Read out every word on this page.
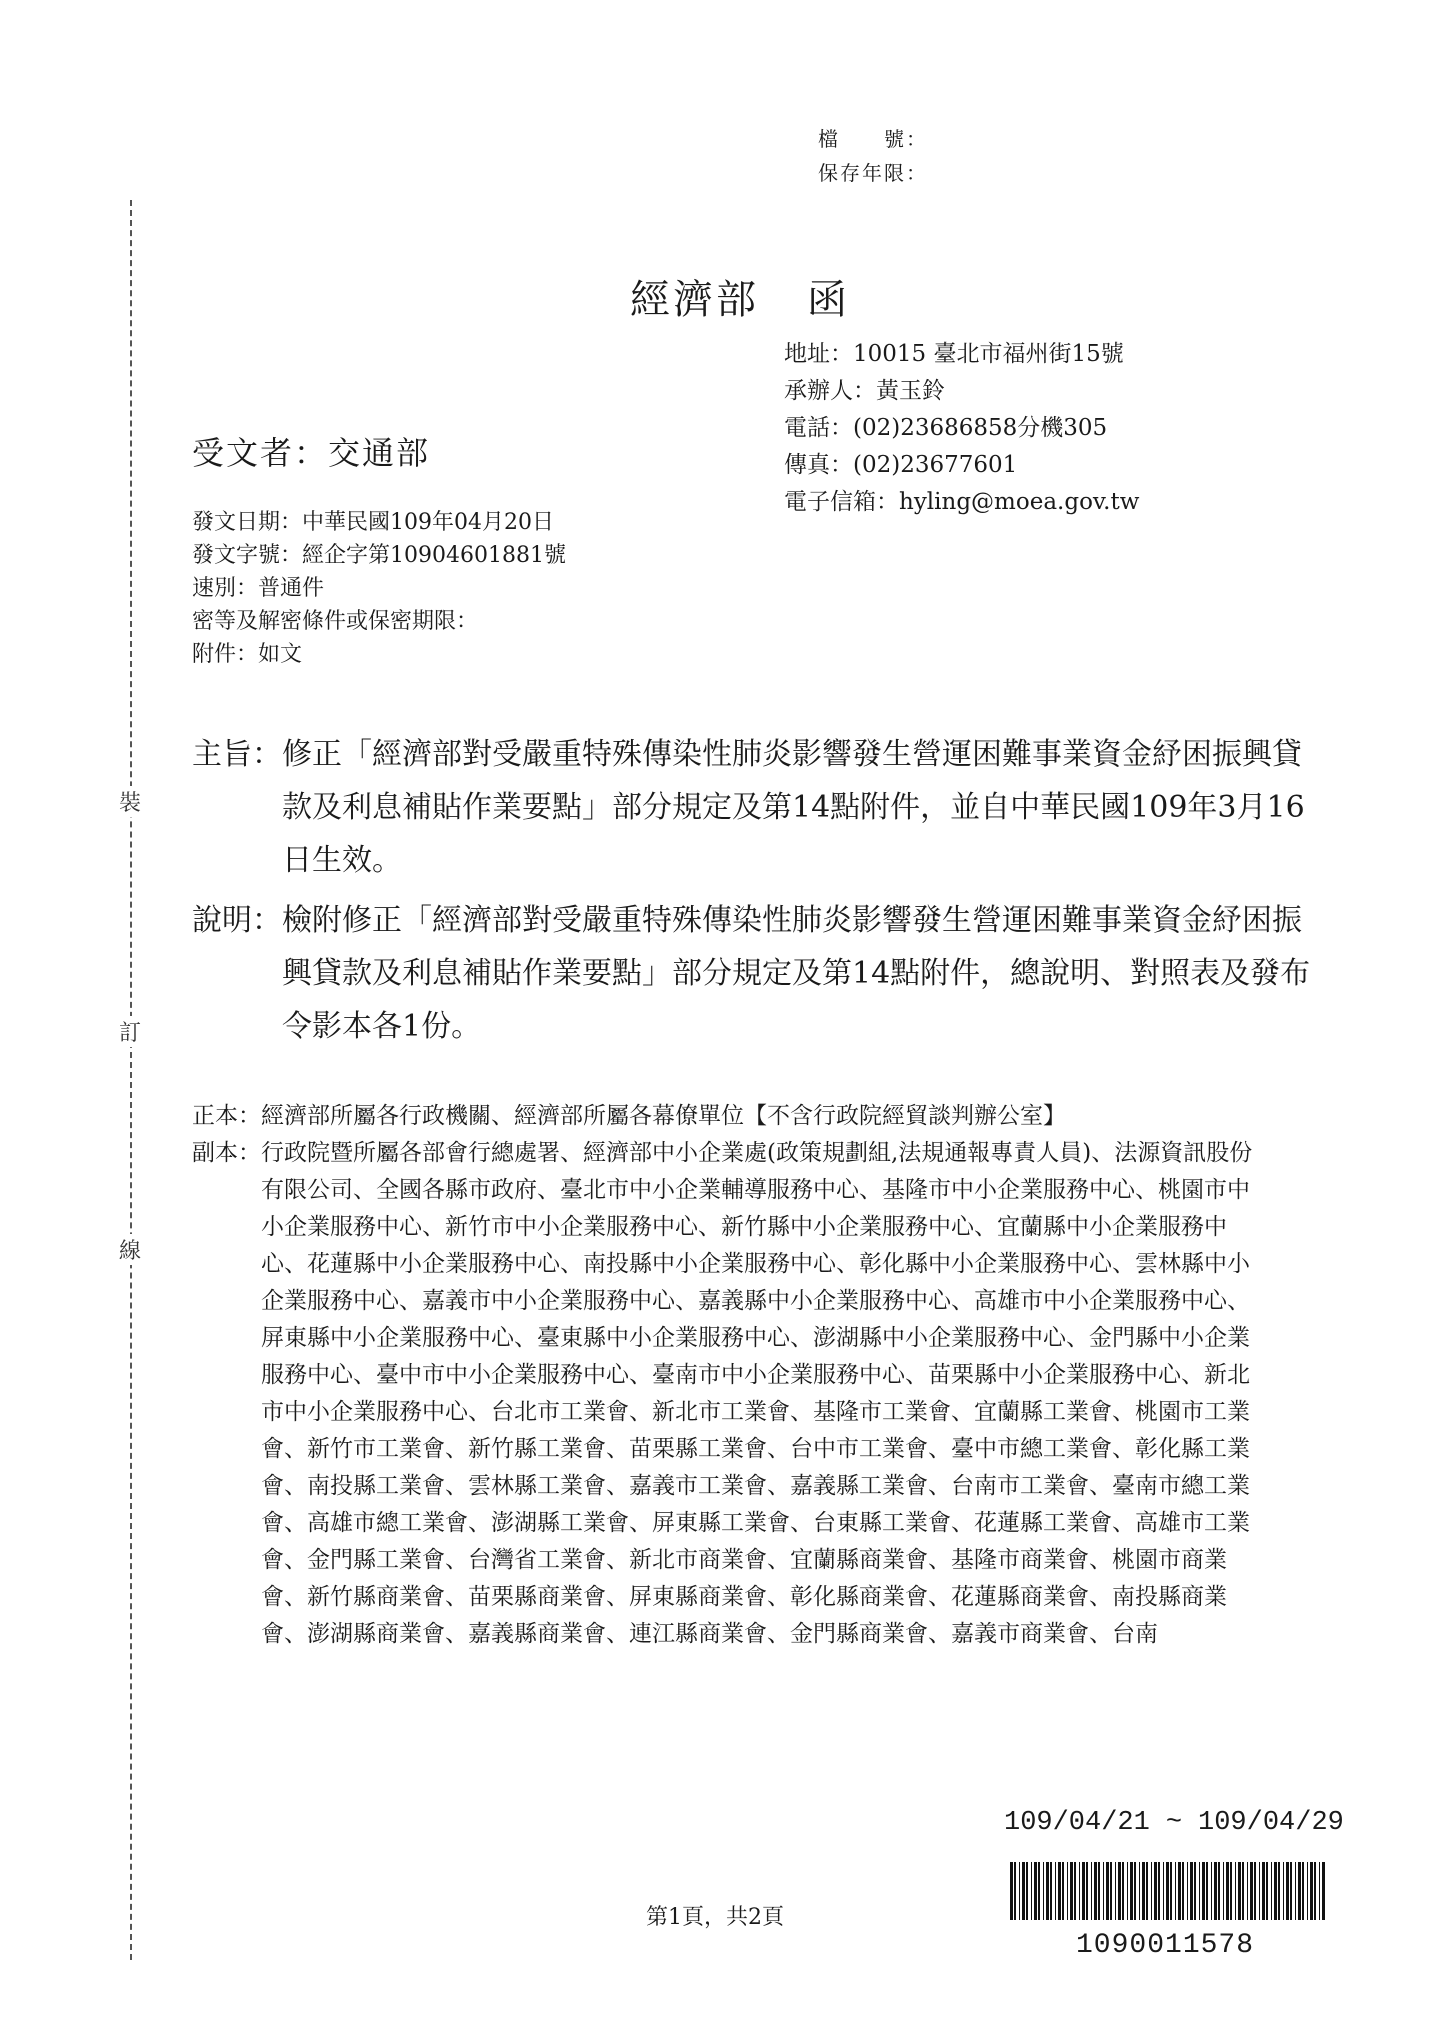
裝
訂
線
檔　　號：
保存年限：
經濟部 函
地址：10015 臺北市福州街15號
承辦人：黃玉鈴
電話：(02)23686858分機305
傳真：(02)23677601
電子信箱：hyling@moea.gov.tw
受文者：交通部
發文日期：中華民國109年04月20日
發文字號：經企字第10904601881號
速別：普通件
密等及解密條件或保密期限：
附件：如文
主旨： 修正「經濟部對受嚴重特殊傳染性肺炎影響發生營運困難事業資金紓困振興貸款及利息補貼作業要點」部分規定及第14點附件，並自中華民國109年3月16日生效。
說明： 檢附修正「經濟部對受嚴重特殊傳染性肺炎影響發生營運困難事業資金紓困振興貸款及利息補貼作業要點」部分規定及第14點附件，總說明、對照表及發布令影本各1份。
正本： 經濟部所屬各行政機關、經濟部所屬各幕僚單位【不含行政院經貿談判辦公室】
副本： 行政院暨所屬各部會行總處署、經濟部中小企業處(政策規劃組,法規通報專責人員)、法源資訊股份有限公司、全國各縣市政府、臺北市中小企業輔導服務中心、基隆市中小企業服務中心、桃園市中小企業服務中心、新竹市中小企業服務中心、新竹縣中小企業服務中心、宜蘭縣中小企業服務中心、花蓮縣中小企業服務中心、南投縣中小企業服務中心、彰化縣中小企業服務中心、雲林縣中小企業服務中心、嘉義市中小企業服務中心、嘉義縣中小企業服務中心、高雄市中小企業服務中心、屏東縣中小企業服務中心、臺東縣中小企業服務中心、澎湖縣中小企業服務中心、金門縣中小企業服務中心、臺中市中小企業服務中心、臺南市中小企業服務中心、苗栗縣中小企業服務中心、新北市中小企業服務中心、台北市工業會、新北市工業會、基隆市工業會、宜蘭縣工業會、桃園市工業會、新竹市工業會、新竹縣工業會、苗栗縣工業會、台中市工業會、臺中市總工業會、彰化縣工業會、南投縣工業會、雲林縣工業會、嘉義市工業會、嘉義縣工業會、台南市工業會、臺南市總工業會、高雄市總工業會、澎湖縣工業會、屏東縣工業會、台東縣工業會、花蓮縣工業會、高雄市工業會、金門縣工業會、台灣省工業會、新北市商業會、宜蘭縣商業會、基隆市商業會、桃園市商業會、新竹縣商業會、苗栗縣商業會、屏東縣商業會、彰化縣商業會、花蓮縣商業會、南投縣商業會、澎湖縣商業會、嘉義縣商業會、連江縣商業會、金門縣商業會、嘉義市商業會、台南
109/04/21 ~ 109/04/29
1090011578
第1頁，共2頁
